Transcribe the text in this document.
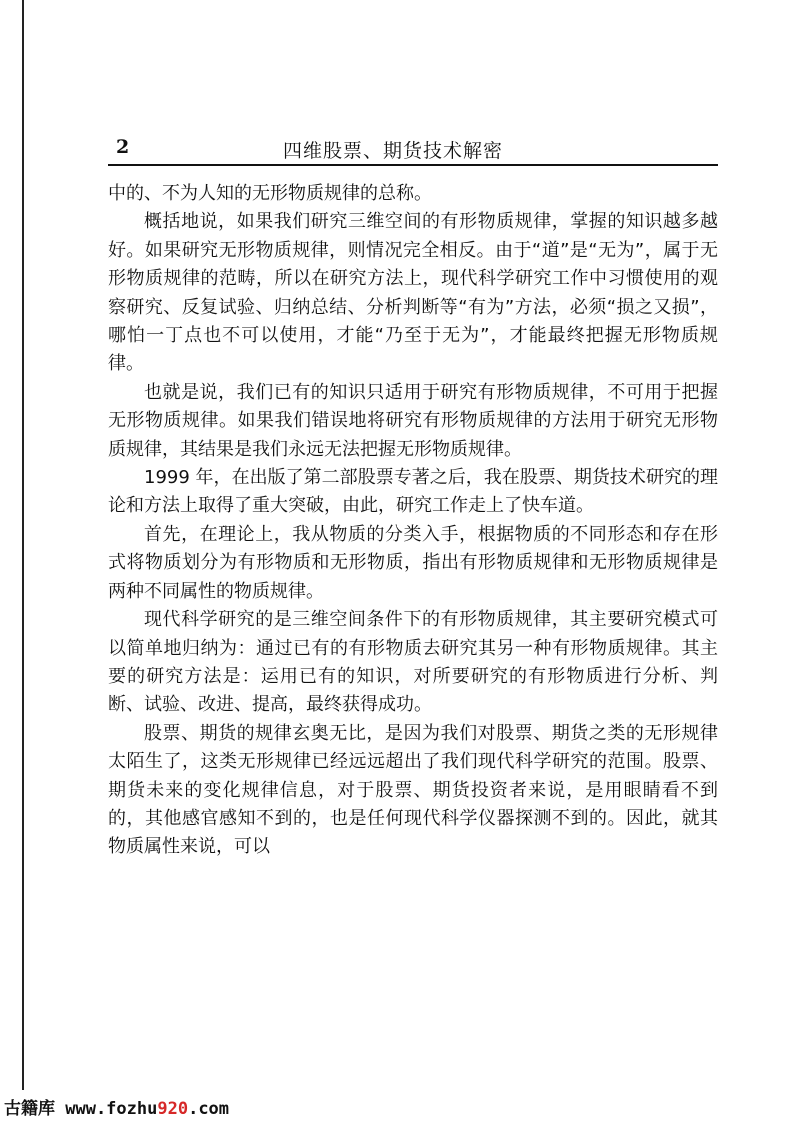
2	四维股票、期货技术解密

中的、不为人知的无形物质规律的总称。

概括地说，如果我们研究三维空间的有形物质规律，掌握的知识越多越好。如果研究无形物质规律，则情况完全相反。由于“道”是“无为”，属于无形物质规律的范畴，所以在研究方法上，现代科学研究工作中习惯使用的观察研究、反复试验、归纳总结、分析判断等“有为”方法，必须“损之又损”，哪怕一丁点也不可以使用，才能“乃至于无为”，才能最终把握无形物质规律。

也就是说，我们已有的知识只适用于研究有形物质规律，不可用于把握无形物质规律。如果我们错误地将研究有形物质规律的方法用于研究无形物质规律，其结果是我们永远无法把握无形物质规律。

1999 年，在出版了第二部股票专著之后，我在股票、期货技术研究的理论和方法上取得了重大突破，由此，研究工作走上了快车道。

首先，在理论上，我从物质的分类入手，根据物质的不同形态和存在形式将物质划分为有形物质和无形物质，指出有形物质规律和无形物质规律是两种不同属性的物质规律。

现代科学研究的是三维空间条件下的有形物质规律，其主要研究模式可以简单地归纳为：通过已有的有形物质去研究其另一种有形物质规律。其主要的研究方法是：运用已有的知识，对所要研究的有形物质进行分析、判断、试验、改进、提高，最终获得成功。

股票、期货的规律玄奥无比，是因为我们对股票、期货之类的无形规律太陌生了，这类无形规律已经远远超出了我们现代科学研究的范围。股票、期货未来的变化规律信息，对于股票、期货投资者来说，是用眼睛看不到的，其他感官感知不到的，也是任何现代科学仪器探测不到的。因此，就其物质属性来说，可以

古籍库 www.fozhu920.com
